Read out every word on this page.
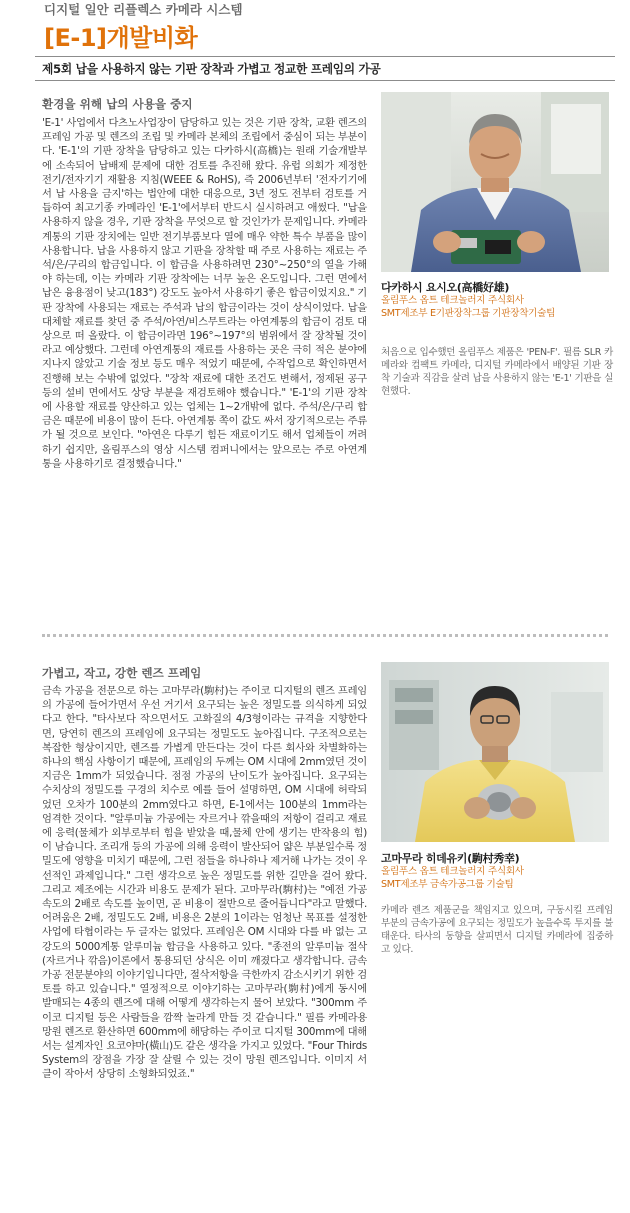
디지털 일안 리플렉스 카메라 시스템
[E-1]개발비화
제5회 납을 사용하지 않는 기판 장착과 가볍고 정교한 프레임의 가공
환경을 위해 납의 사용을 중지

'E-1' 사업에서 다츠노사업장이 담당하고 있는 것은 기판 장착, 교환 렌즈의 프레임 가공 및 렌즈의 조립 및 카메라 본체의 조립에서 중심이 되는 부분이다. 'E-1'의 기판 장착을 담당하고 있는 다카하시(高橋)는 원래 기술개발부에 소속되어 납배제 문제에 대한 검토를 추진해 왔다. 유럽 의회가 제정한 전기/전자기기 재활용 지침(WEEE & RoHS), 즉 2006년부터 '전자기기에서 납 사용을 금지'하는 법안에 대한 대응으로, 3년 정도 전부터 검토를 거듭하여 최고기종 카메라인 'E-1'에서부터 반드시 실시하려고 애썼다. "납을 사용하지 않을 경우, 기판 장착을 무엇으로 할 것인가가 문제입니다. 카메라 계통의 기판 장치에는 일반 전기부품보다 열에 매우 약한 특수 부품을 많이 사용합니다. 납을 사용하지 않고 기판을 장착할 때 주로 사용하는 재료는 주석/은/구리의 합금입니다. 이 합금을 사용하려면 230°~250°의 열을 가해야 하는데, 이는 카메라 기판 장착에는 너무 높은 온도입니다. 그런 면에서 납은 융용점이 낮고(183°) 강도도 높아서 사용하기 좋은 합금이었지요." 기판 장착에 사용되는 재료는 주석과 납의 합금이라는 것이 상식이었다. 납을 대체할 재료를 찾던 중 주석/아연/비스무트라는 아연계통의 합금이 검토 대상으로 떠 올랐다. 이 합금이라면 196°~197°의 범위에서 잘 장착될 것이라고 예상했다. 그런데 아연계통의 재료를 사용하는 곳은 극히 적은 분야에 지나지 않았고 기술 정보 등도 매우 적었기 때문에, 수작업으로 확인하면서 진행해 보는 수밖에 없었다. "장착 재료에 대한 조건도 변해서, 정제된 공구 등의 설비 면에서도 상당 부분을 재검토해야 했습니다." 'E-1'의 기판 장착에 사용할 재료를 양산하고 있는 업체는 1~2개밖에 없다. 주석/은/구리 합금은 때문에 비용이 많이 든다. 아연계통 쪽이 값도 싸서 장기적으로는 주류가 될 것으로 보인다. "아연은 다루기 힘든 재료이기도 해서 업체들이 꺼려하기 쉽지만, 올림푸스의 영상 시스템 컴퍼니에서는 앞으로는 주로 아연계통을 사용하기로 결정했습니다."

다카하시 요시오(高橋好雄)
올림푸스 옵트 테크놀러지 주식회사
SMT제조부 E기판장착그룹 기판장착기술팀

처음으로 입수했던 올림푸스 제품은 'PEN-F'. 필름 SLR 카메라와 컴팩트 카메라, 디지털 카메라에서 배양된 기판 장착 기술과 직감을 살려 납을 사용하지 않는 'E-1' 기판을 실현했다.

가볍고, 작고, 강한 렌즈 프레임

금속 가공을 전문으로 하는 고마무라(駒村)는 주이코 디지털의 렌즈 프레임의 가공에 들어가면서 우선 거기서 요구되는 높은 정밀도를 의식하게 되었다고 한다. "타사보다 작으면서도 고화질의 4/3형이라는 규격을 지향한다면, 당연히 렌즈의 프레임에 요구되는 정밀도도 높아집니다. 구조적으로는 복잡한 형상이지만, 렌즈를 가볍게 만든다는 것이 다른 회사와 차별화하는 하나의 핵심 사항이기 때문에, 프레임의 두께는 OM 시대에 2mm였던 것이 지금은 1mm가 되었습니다. 점점 가공의 난이도가 높아집니다. 요구되는 수치상의 정밀도를 구경의 치수로 예를 들어 설명하면, OM 시대에 허락되었던 오차가 100분의 2mm였다고 하면, E-1에서는 100분의 1mm라는 엄격한 것이다. "알루미늄 가공에는 자르거나 깎을때의 저항이 걸리고 재료에 응력(물체가 외부로부터 힘을 받았을 때,물체 안에 생기는 반작용의 힘)이 남습니다. 조리개 등의 가공에 의해 응력이 발산되어 얇은 부분일수록 정밀도에 영향을 미치기 때문에, 그런 점들을 하나하나 제거해 나가는 것이 우선적인 과제입니다." 그런 생각으로 높은 정밀도를 위한 길만을 걸어 왔다. 그리고 제조에는 시간과 비용도 문제가 된다. 고마무라(駒村)는 "예전 가공 속도의 2배로 속도를 높이면, 곧 비용이 절반으로 줄어듭니다"라고 말했다. 어려움은 2배, 정밀도도 2배, 비용은 2분의 1이라는 엄청난 목표를 설정한 사업에 타협이라는 두 글자는 없었다. 프레임은 OM 시대와 다를 바 없는 고강도의 5000계통 알루미늄 합금을 사용하고 있다. "종전의 알루미늄 절삭(자르거나 깎음)이론에서 통용되던 상식은 이미 깨졌다고 생각합니다. 금속가공 전문분야의 이야기입니다만, 절삭저항을 극한까지 감소시키기 위한 검토를 하고 있습니다." 열정적으로 이야기하는 고마무라(駒村)에게 동시에 발매되는 4종의 렌즈에 대해 어떻게 생각하는지 물어 보았다. "300mm 주이코 디지털 등은 사람들을 깜짝 놀라게 만들 것 같습니다." 필름 카메라용 망원 렌즈로 환산하면 600mm에 해당하는 주이코 디지털 300mm에 대해서는 설계자인 요코야마(橫山)도 같은 생각을 가지고 있었다. "Four Thirds System의 장점을 가장 잘 살릴 수 있는 것이 망원 렌즈입니다. 이미지 서클이 작아서 상당히 소형화되었죠."

고마무라 히데유키(駒村秀幸)
올림푸스 옵트 테크놀러지 주식회사
SMT제조부 금속가공그룹 기술팀

카메라 렌즈 제품군을 책임지고 있으며, 구동시킬 프레임 부분의 금속가공에 요구되는 정밀도가 높을수록 투지를 불태운다. 타사의 동향을 살피면서 디지털 카메라에 집중하고 있다.
